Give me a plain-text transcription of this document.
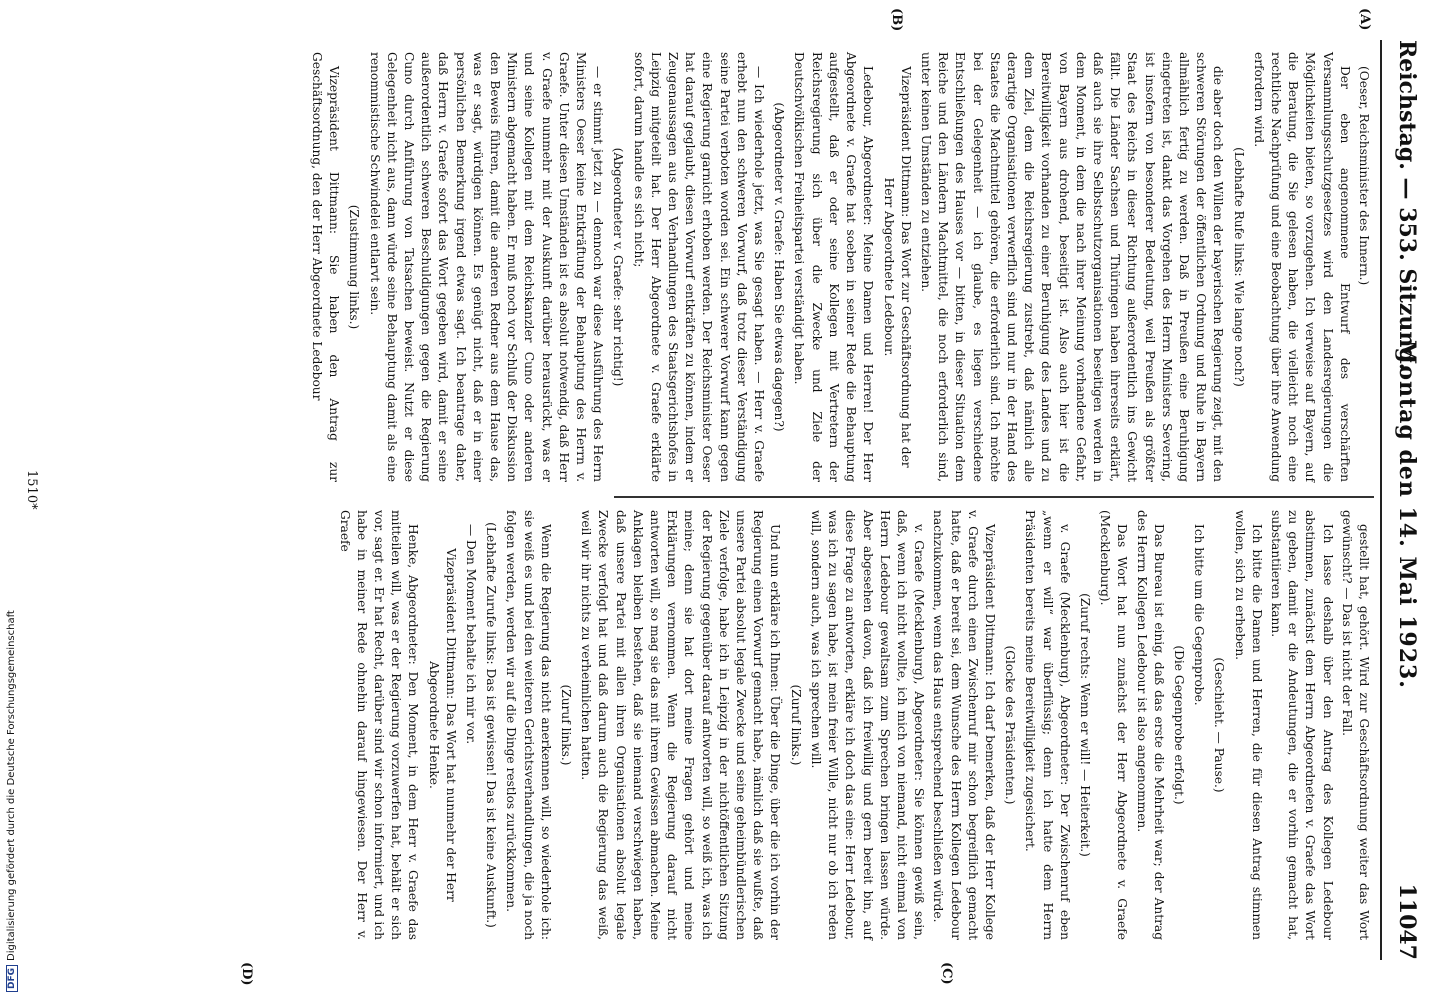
Reichstag. — 353. Sitzung.
Montag den 14. Mai 1923.
11047
(A)
(B)
(C)
(D)

(Oeser, Reichsminister des Innern.)

Der eben angenommene Entwurf des verschärften Versammlungsschutzgesetzes wird den Landesregierungen die Möglichkeiten bieten, so vorzugehen. Ich verweise auf Bayern, auf die Beratung, die Sie gelesen haben, die vielleicht noch eine rechtliche Nachprüfung und eine Beobachtung über ihre Anwendung erfordern wird.

(Lebhafte Rufe links: Wie lange noch?)

die aber doch den Willen der bayerischen Regierung zeigt, mit den schweren Störungen der öffentlichen Ordnung und Ruhe in Bayern allmählich fertig zu werden. Daß in Preußen eine Beruhigung eingetreten ist, dankt das Vorgehen des Herrn Ministers Severing, ist insofern von besonderer Bedeutung, weil Preußen als größter Staat des Reichs in dieser Richtung außerordentlich ins Gewicht fällt. Die Länder Sachsen und Thüringen haben ihrerseits erklärt, daß auch sie ihre Selbstschutzorganisationen beseitigen werden in dem Moment, in dem die nach ihrer Meinung vorhandene Gefahr, von Bayern aus drohend, beseitigt ist. Also auch hier ist die Bereitwilligkeit vorhanden zu einer Beruhigung des Landes und zu dem Ziel, dem die Reichsregierung zustrebt, daß nämlich alle derartige Organisationen verwerflich sind und nur in der Hand des Staates die Machtmittel gehören, die erforderlich sind. Ich möchte bei der Gelegenheit — ich glaube, es liegen verschiedene Entschließungen des Hauses vor — bitten, in dieser Situation dem Reiche und den Ländern Machtmittel, die noch erforderlich sind, unter keinen Umständen zu entziehen.

Vizepräsident Dittmann: Das Wort zur Geschäftsordnung hat der Herr Abgeordnete Ledebour.

Ledebour, Abgeordneter: Meine Damen und Herren! Der Herr Abgeordnete v. Graefe hat soeben in seiner Rede die Behauptung aufgestellt, daß er oder seine Kollegen mit Vertretern der Reichsregierung sich über die Zwecke und Ziele der Deutschvölkischen Freiheitspartei verständigt haben.

(Abgeordneter v. Graefe: Haben Sie etwas dagegen?)

— Ich wiederhole jetzt, was Sie gesagt haben. — Herr v. Graefe erhebt nun den schweren Vorwurf, daß trotz dieser Verständigung seine Partei verboten worden sei. Ein schwerer Vorwurf kann gegen eine Regierung garnicht erhoben werden. Der Reichsminister Oeser hat darauf geglaubt, diesen Vorwurf entkräften zu können, indem er Zeugenaussagen aus den Verhandlungen des Staatsgerichtshofes in Leipzig mitgeteilt hat. Der Herr Abgeordnete v. Graefe erklärte sofort, darum handle es sich nicht;

(Abgeordneter v. Graefe: sehr richtig!)

— er stimmt jetzt zu — dennoch war diese Ausführung des Herrn Ministers Oeser keine Entkräftung der Behauptung des Herrn v. Graefe. Unter diesen Umständen ist es absolut notwendig, daß Herr v. Graefe nunmehr mit der Auskunft darüber herausrückt, was er und seine Kollegen mit dem Reichskanzler Cuno oder anderen Ministern abgemacht haben. Er muß noch vor Schluß der Diskussion den Beweis führen, damit die anderen Redner aus dem Hause das, was er sagt, würdigen können. Es genügt nicht, daß er in einer persönlichen Bemerkung irgend etwas sagt. Ich beantrage daher, daß Herrn v. Graefe sofort das Wort gegeben wird, damit er seine außerordentlich schweren Beschuldigungen gegen die Regierung Cuno durch Anführung von Tatsachen beweist. Nutzt er diese Gelegenheit nicht aus, dann würde seine Behauptung damit als eine renommistische Schwindelei entlarvt sein.

(Zustimmung links.)

Vizepräsident Dittmann: Sie haben den Antrag zur Geschäftsordnung, den der Herr Abgeordnete Ledebour

gestellt hat, gehört. Wird zur Geschäftsordnung weiter das Wort gewünscht? — Das ist nicht der Fall.

Ich lasse deshalb über den Antrag des Kollegen Ledebour abstimmen, zunächst dem Herrn Abgeordneten v. Graefe das Wort zu geben, damit er die Andeutungen, die er vorhin gemacht hat, substantiieren kann.

Ich bitte die Damen und Herren, die für diesen Antrag stimmen wollen, sich zu erheben.

(Geschieht. — Pause.)

Ich bitte um die Gegenprobe.

(Die Gegenprobe erfolgt.)

Das Bureau ist einig, daß das erste die Mehrheit war; der Antrag des Herrn Kollegen Ledebour ist also angenommen.

Das Wort hat nun zunächst der Herr Abgeordnete v. Graefe (Mecklenburg).

(Zuruf rechts: Wenn er will! — Heiterkeit.)

v. Graefe (Mecklenburg), Abgeordneter: Der Zwischenruf eben „wenn er will“ war überflüssig; denn ich hatte dem Herrn Präsidenten bereits meine Bereitwilligkeit zugesichert.

(Glocke des Präsidenten.)

Vizepräsident Dittmann: Ich darf bemerken, daß der Herr Kollege v. Graefe durch einen Zwischenruf mir schon begreiflich gemacht hatte, daß er bereit sei, dem Wunsche des Herrn Kollegen Ledebour nachzukommen, wenn das Haus entsprechend beschließen würde.

v. Graefe (Mecklenburg), Abgeordneter: Sie können gewiß sein, daß, wenn ich nicht wollte, ich mich von niemand, nicht einmal von Herrn Ledebour gewaltsam zum Sprechen bringen lassen würde. Aber abgesehen davon, daß ich freiwillig und gern bereit bin, auf diese Frage zu antworten, erkläre ich doch das eine: Herr Ledebour, was ich zu sagen habe, ist mein freier Wille, nicht nur ob ich reden will, sondern auch, was ich sprechen will.

(Zuruf links.)

Und nun erkläre ich Ihnen: Über die Dinge, über die ich vorhin der Regierung einen Vorwurf gemacht habe, nämlich daß sie wußte, daß unsere Partei absolut legale Zwecke und seine geheimbündlerischen Ziele verfolge, habe ich in Leipzig in der nichtöffentlichen Sitzung der Regierung gegenüber darauf antworten will, so weiß ich, was ich meine; denn sie hat dort meine Fragen gehört und meine Erklärungen vernommen. Wenn die Regierung darauf nicht antworten will, so mag sie das mit ihrem Gewissen abmachen. Meine Anklagen bleiben bestehen, daß sie niemand verschwiegen haben, daß unsere Partei mit allen ihren Organisationen absolut legale Zwecke verfolgt hat und daß darum auch die Regierung das weiß, weil wir ihr nichts zu verheimlichen hatten.

(Zuruf links.)

Wenn die Regierung das nicht anerkennen will, so wiederhole ich: sie weiß es und bei den weiteren Gerichtsverhandlungen, die ja noch folgen werden, werden wir auf die Dinge restlos zurückkommen.

(Lebhafte Zurufe links: Das ist gewissen! Das ist keine Auskunft.)

— Den Moment behalte ich mir vor.

Vizepräsident Dittmann: Das Wort hat nunmehr der Herr Abgeordnete Henke.

Henke, Abgeordneter: Den Moment, in dem Herr v. Graefe das mitteilen will, was er der Regierung vorzuwerfen hat, behält er sich vor, sagt er. Er hat Recht, darüber sind wir schon informiert, und ich habe in meiner Rede ohnehin darauf hingewiesen. Der Herr v. Graefe

1510*
DFGDigitalisierung gefördert durch die Deutsche Forschungsgemeinschaft
